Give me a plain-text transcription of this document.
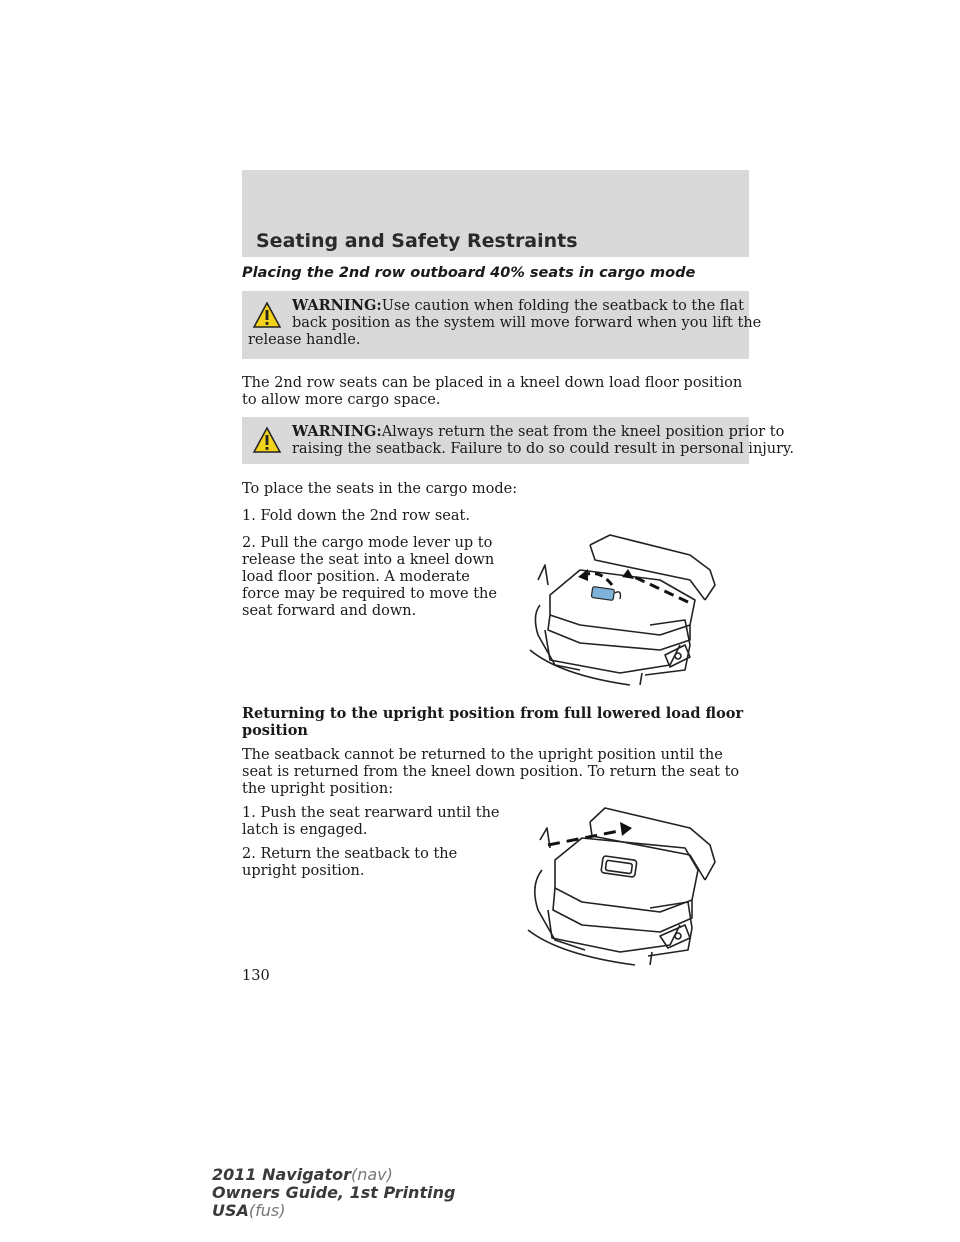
Seating and Safety Restraints
Placing the 2nd row outboard 40% seats in cargo mode
WARNING:Use caution when folding the seatback to the flat
back position as the system will move forward when you lift the
release handle.
The 2nd row seats can be placed in a kneel down load floor position to allow more cargo space.
WARNING:Always return the seat from the kneel position prior to
raising the seatback. Failure to do so could result in personal injury.
To place the seats in the cargo mode:
1. Fold down the 2nd row seat.
2. Pull the cargo mode lever up to release the seat into a kneel down load floor position. A moderate force may be required to move the seat forward and down.
Returning to the upright position from full lowered load floor position
The seatback cannot be returned to the upright position until the seat is returned from the kneel down position. To return the seat to the upright position:
1. Push the seat rearward until the latch is engaged.
2. Return the seatback to the upright position.
130
2011 Navigator(nav)
Owners Guide, 1st Printing
USA(fus)
